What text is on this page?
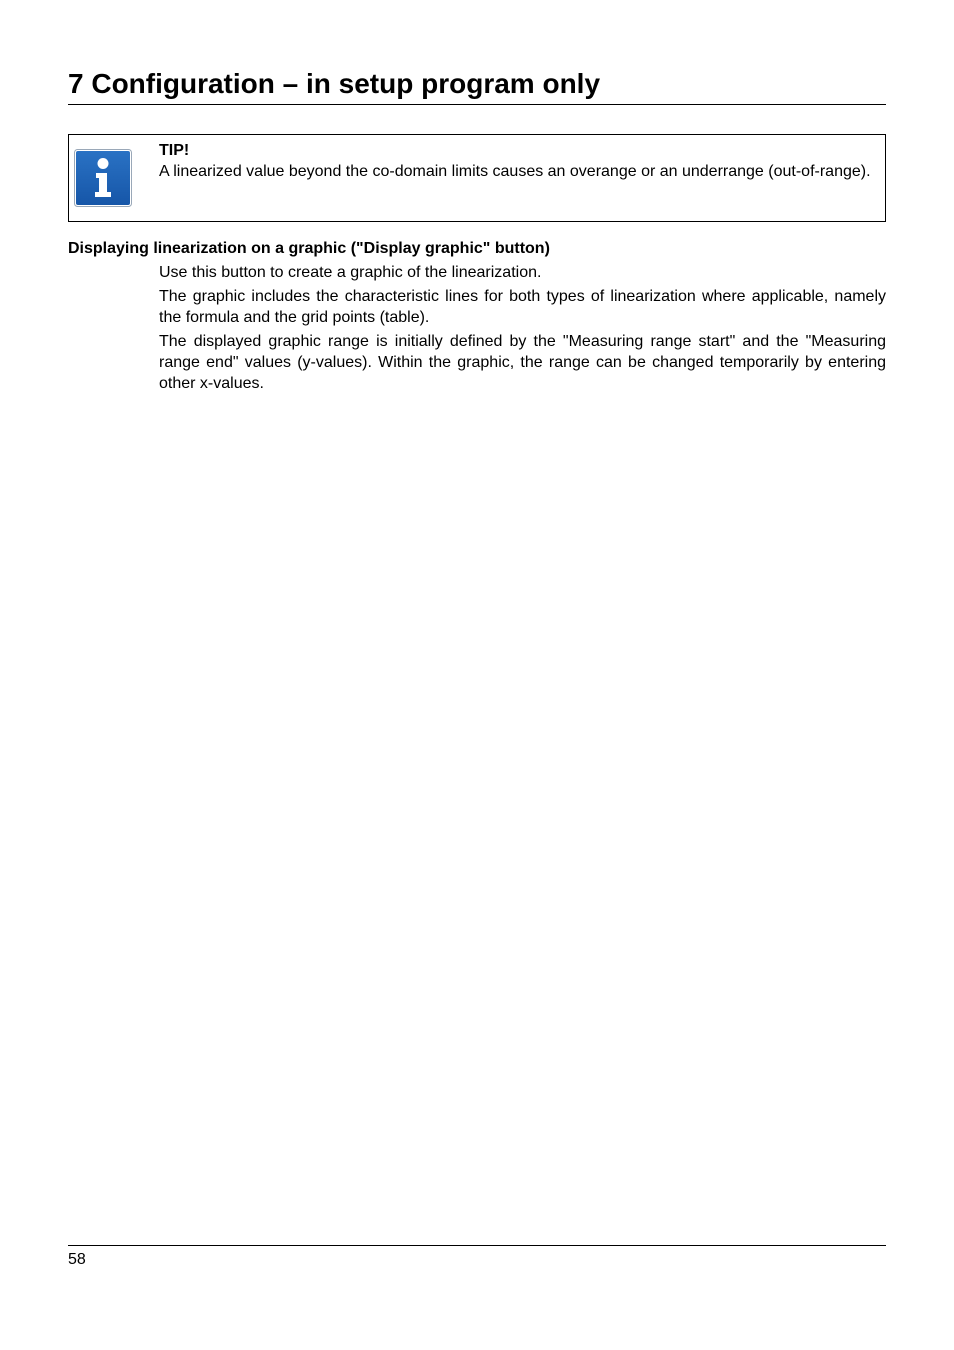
7 Configuration – in setup program only
TIP!
A linearized value beyond the co-domain limits causes an overange or an underrange (out-of-range).
Displaying linearization on a graphic ("Display graphic" button)

Use this button to create a graphic of the linearization.

The graphic includes the characteristic lines for both types of linearization where applicable, namely the formula and the grid points (table).

The displayed graphic range is initially defined by the "Measuring range start" and the "Measuring range end" values (y-values). Within the graphic, the range can be changed temporarily by entering other x-values.

58
